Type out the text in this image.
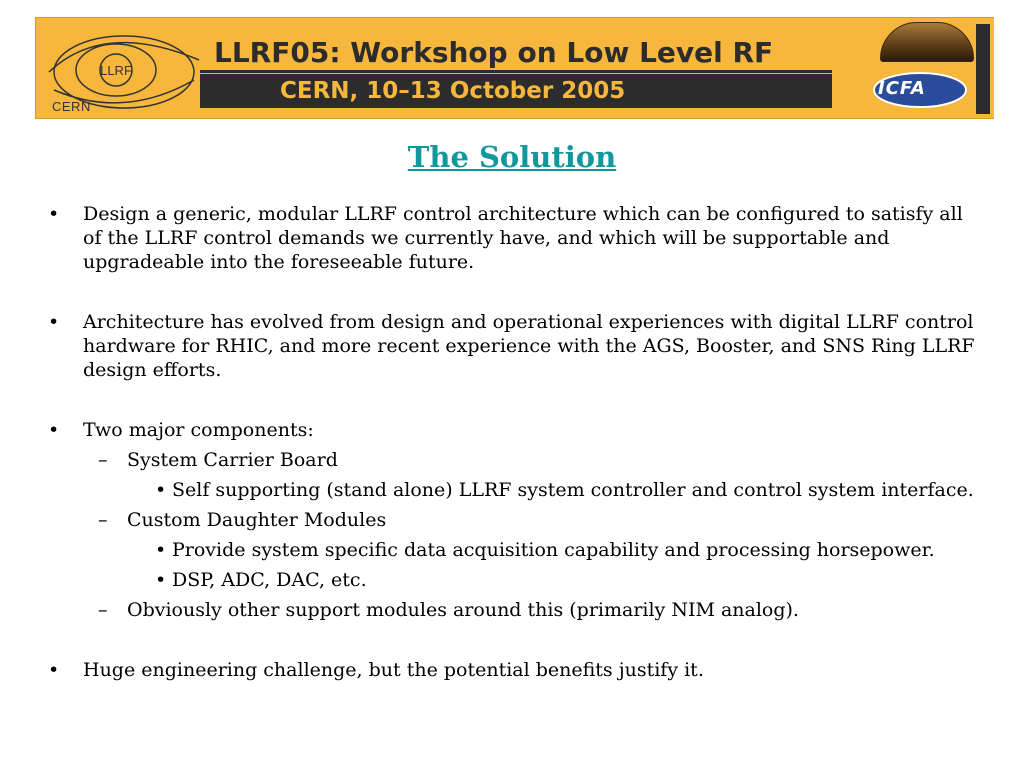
LLRF
CERN
LLRF05: Workshop on Low Level RF
CERN, 10–13 October 2005	ICFA
The Solution
• Design a generic, modular LLRF control architecture which can be configured to satisfy all of the LLRF control demands we currently have, and which will be supportable and upgradeable into the foreseeable future.
• Architecture has evolved from design and operational experiences with digital LLRF control hardware for RHIC, and more recent experience with the AGS, Booster, and SNS Ring LLRF design efforts.
• Two major components:
– System Carrier Board
• Self supporting (stand alone) LLRF system controller and control system interface.
– Custom Daughter Modules
• Provide system specific data acquisition capability and processing horsepower.
• DSP, ADC, DAC, etc.
– Obviously other support modules around this (primarily NIM analog).
• Huge engineering challenge, but the potential benefits justify it.
